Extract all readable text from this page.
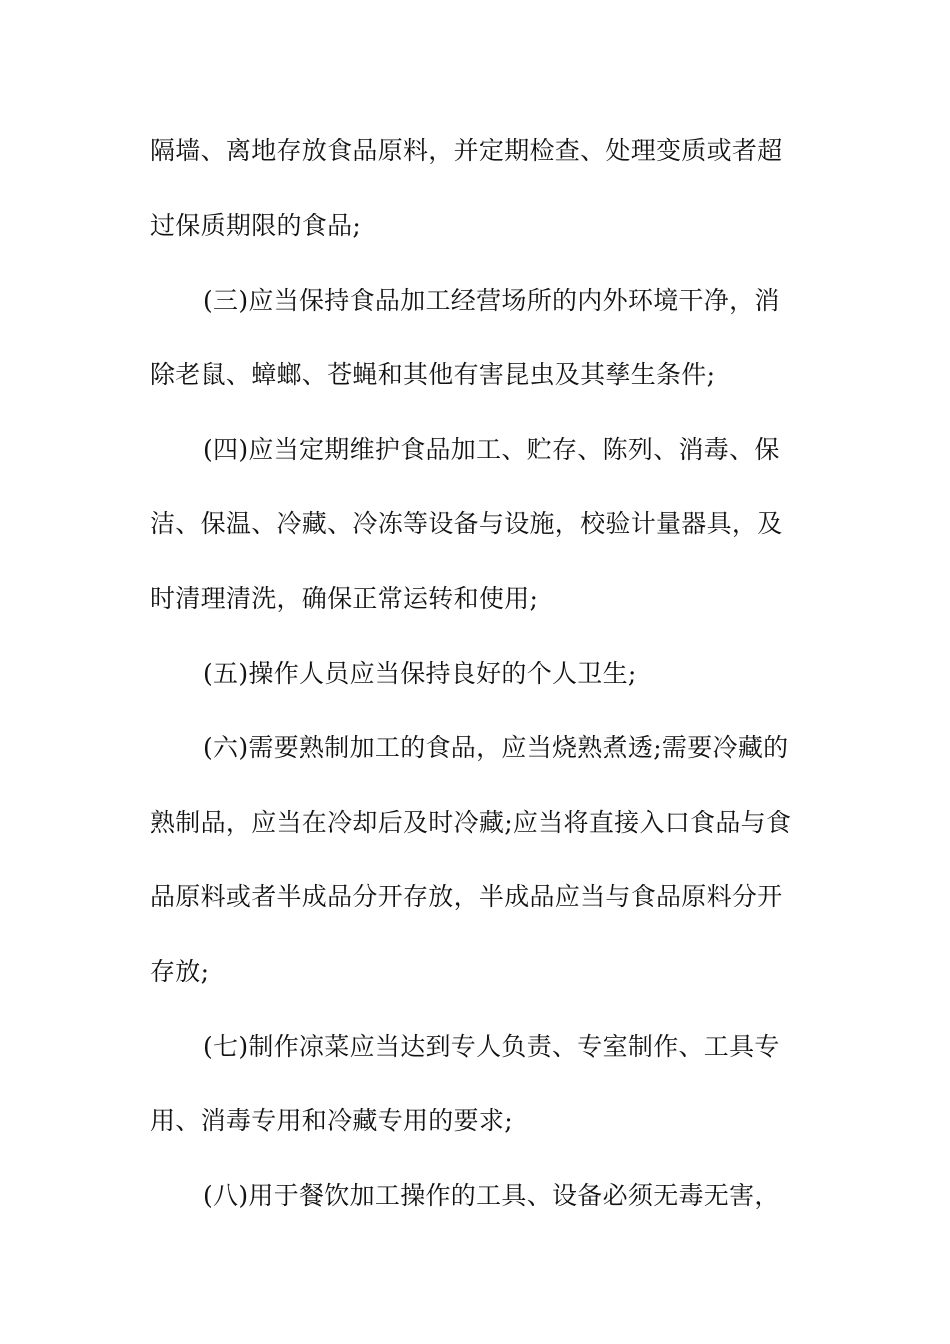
隔墙、离地存放食品原料，并定期检查、处理变质或者超
过保质期限的食品;
(三)应当保持食品加工经营场所的内外环境干净，消
除老鼠、蟑螂、苍蝇和其他有害昆虫及其孳生条件;
(四)应当定期维护食品加工、贮存、陈列、消毒、保
洁、保温、冷藏、冷冻等设备与设施，校验计量器具，及
时清理清洗，确保正常运转和使用;
(五)操作人员应当保持良好的个人卫生;
(六)需要熟制加工的食品，应当烧熟煮透;需要冷藏的
熟制品，应当在冷却后及时冷藏;应当将直接入口食品与食
品原料或者半成品分开存放，半成品应当与食品原料分开
存放;
(七)制作凉菜应当达到专人负责、专室制作、工具专
用、消毒专用和冷藏专用的要求;
(八)用于餐饮加工操作的工具、设备必须无毒无害，
